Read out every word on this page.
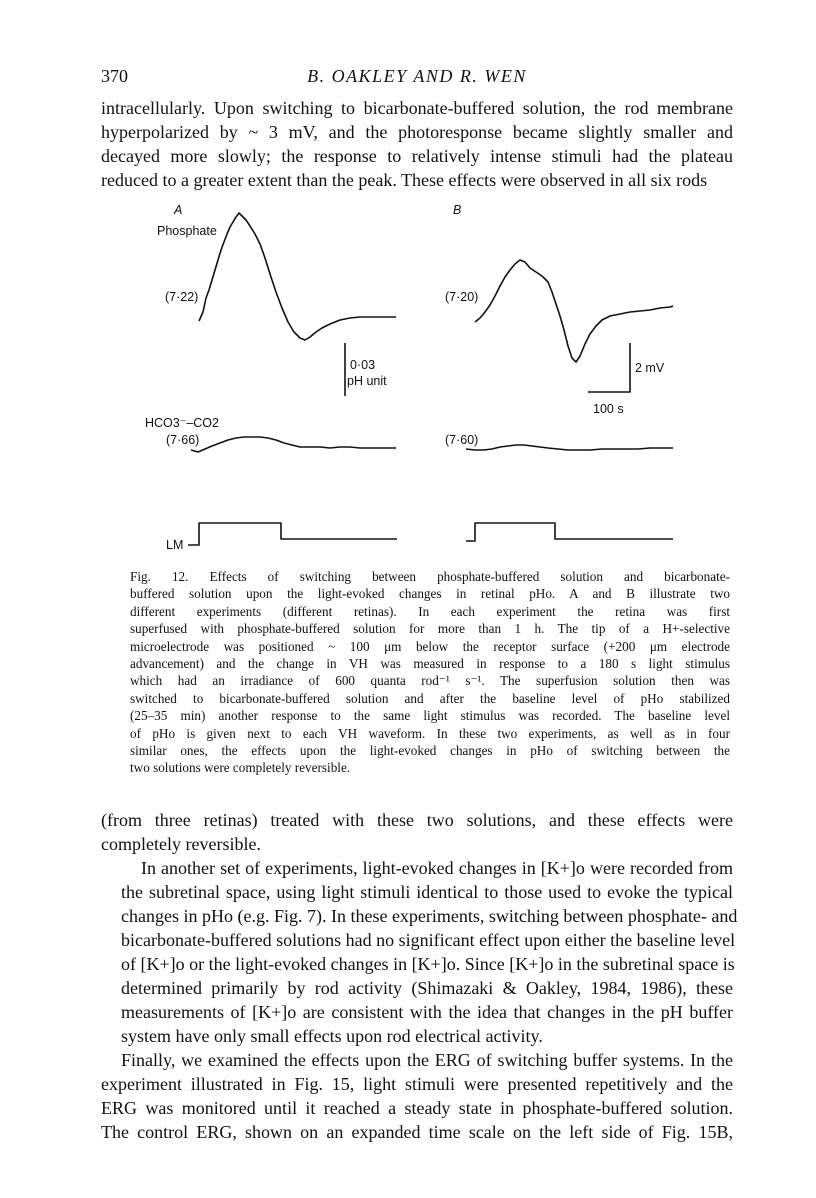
370	B. OAKLEY AND R. WEN

intracellularly. Upon switching to bicarbonate-buffered solution, the rod membrane
hyperpolarized by ~ 3 mV, and the photoresponse became slightly smaller and
decayed more slowly; the response to relatively intense stimuli had the plateau
reduced to a greater extent than the peak. These effects were observed in all six rods

A	B
Phosphate
(7·22)	(7·20)
0·03
pH unit
2 mV
100 s
HCO3⁻–CO2
(7·66)	(7·60)
LM

Fig. 12. Effects of switching between phosphate-buffered solution and bicarbonate-
buffered solution upon the light-evoked changes in retinal pHo. A and B illustrate two
different experiments (different retinas). In each experiment the retina was first
superfused with phosphate-buffered solution for more than 1 h. The tip of a H+-selective
microelectrode was positioned ~ 100 μm below the receptor surface (+200 μm electrode
advancement) and the change in VH was measured in response to a 180 s light stimulus
which had an irradiance of 600 quanta rod⁻¹ s⁻¹. The superfusion solution then was
switched to bicarbonate-buffered solution and after the baseline level of pHo stabilized
(25–35 min) another response to the same light stimulus was recorded. The baseline level
of pHo is given next to each VH waveform. In these two experiments, as well as in four
similar ones, the effects upon the light-evoked changes in pHo of switching between the
two solutions were completely reversible.

(from three retinas) treated with these two solutions, and these effects were
completely reversible.

In another set of experiments, light-evoked changes in [K+]o were recorded from
the subretinal space, using light stimuli identical to those used to evoke the typical
changes in pHo (e.g. Fig. 7). In these experiments, switching between phosphate- and
bicarbonate-buffered solutions had no significant effect upon either the baseline level
of [K+]o or the light-evoked changes in [K+]o. Since [K+]o in the subretinal space is
determined primarily by rod activity (Shimazaki & Oakley, 1984, 1986), these
measurements of [K+]o are consistent with the idea that changes in the pH buffer
system have only small effects upon rod electrical activity.

Finally, we examined the effects upon the ERG of switching buffer systems. In the
experiment illustrated in Fig. 15, light stimuli were presented repetitively and the
ERG was monitored until it reached a steady state in phosphate-buffered solution.
The control ERG, shown on an expanded time scale on the left side of Fig. 15B,
